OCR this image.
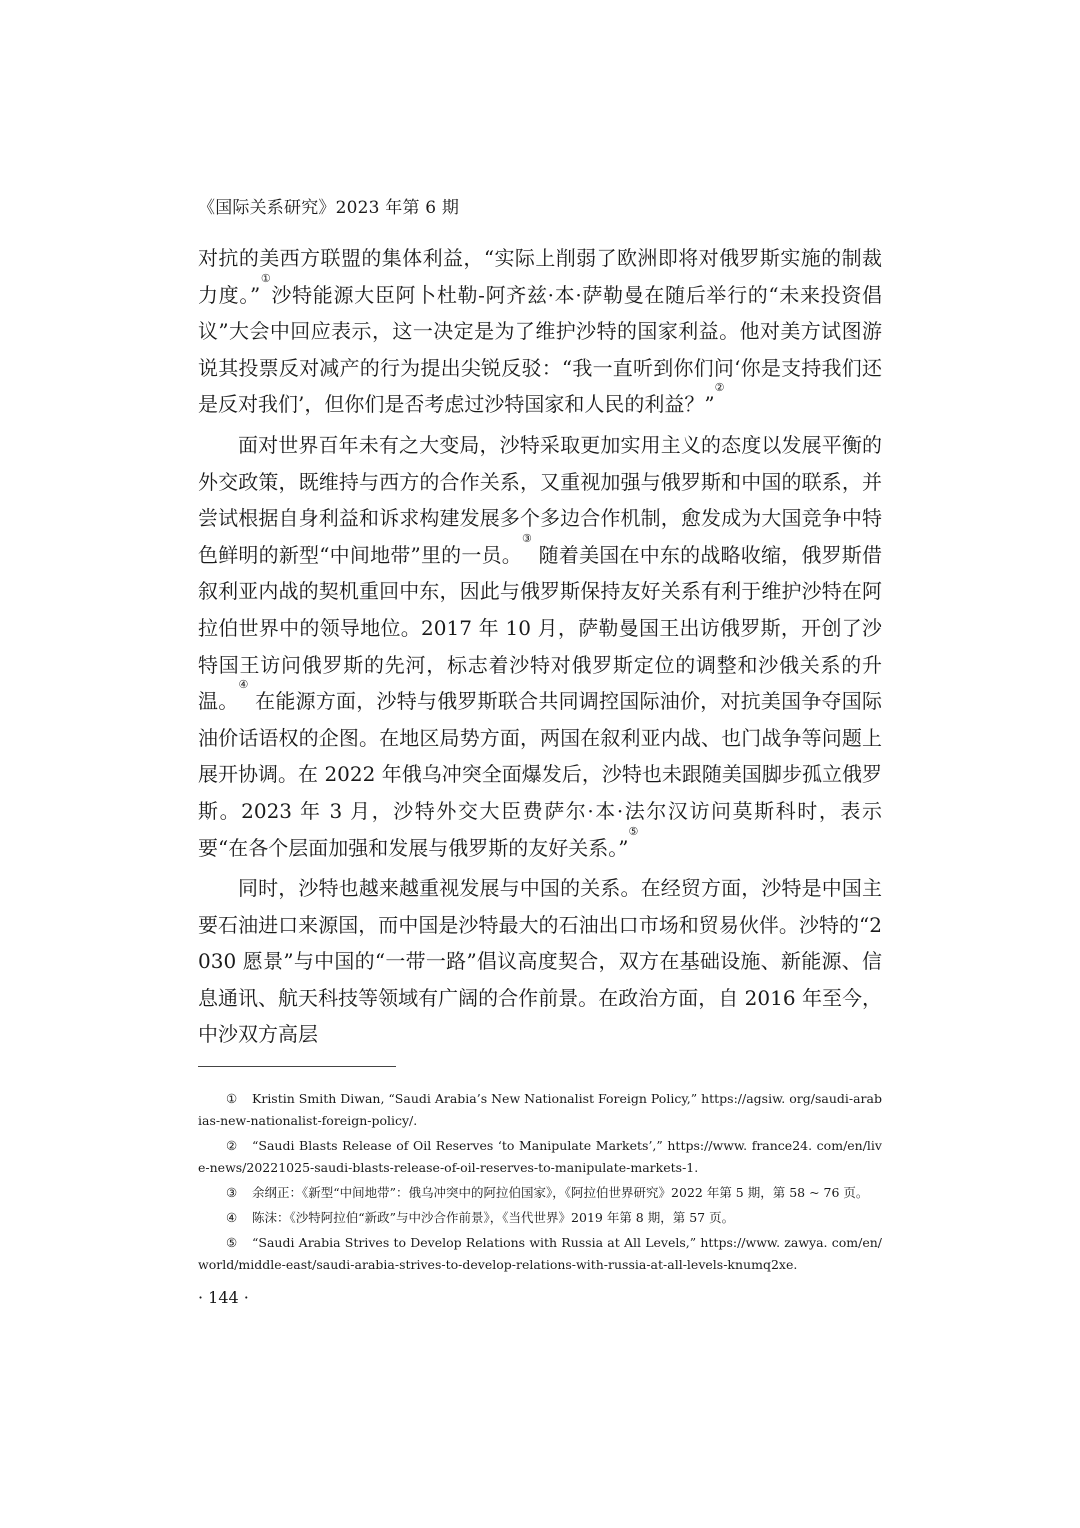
《国际关系研究》2023 年第 6 期

对抗的美西方联盟的集体利益，“实际上削弱了欧洲即将对俄罗斯实施的制裁力度。”①沙特能源大臣阿卜杜勒-阿齐兹·本·萨勒曼在随后举行的“未来投资倡议”大会中回应表示，这一决定是为了维护沙特的国家利益。他对美方试图游说其投票反对减产的行为提出尖锐反驳：“我一直听到你们问‘你是支持我们还是反对我们’，但你们是否考虑过沙特国家和人民的利益？”②

面对世界百年未有之大变局，沙特采取更加实用主义的态度以发展平衡的外交政策，既维持与西方的合作关系，又重视加强与俄罗斯和中国的联系，并尝试根据自身利益和诉求构建发展多个多边合作机制，愈发成为大国竞争中特色鲜明的新型“中间地带”里的一员。③ 随着美国在中东的战略收缩，俄罗斯借叙利亚内战的契机重回中东，因此与俄罗斯保持友好关系有利于维护沙特在阿拉伯世界中的领导地位。2017 年 10 月，萨勒曼国王出访俄罗斯，开创了沙特国王访问俄罗斯的先河，标志着沙特对俄罗斯定位的调整和沙俄关系的升温。④ 在能源方面，沙特与俄罗斯联合共同调控国际油价，对抗美国争夺国际油价话语权的企图。在地区局势方面，两国在叙利亚内战、也门战争等问题上展开协调。在 2022 年俄乌冲突全面爆发后，沙特也未跟随美国脚步孤立俄罗斯。2023 年 3 月，沙特外交大臣费萨尔·本·法尔汉访问莫斯科时，表示要“在各个层面加强和发展与俄罗斯的友好关系。”⑤

同时，沙特也越来越重视发展与中国的关系。在经贸方面，沙特是中国主要石油进口来源国，而中国是沙特最大的石油出口市场和贸易伙伴。沙特的“2030 愿景”与中国的“一带一路”倡议高度契合，双方在基础设施、新能源、信息通讯、航天科技等领域有广阔的合作前景。在政治方面，自 2016 年至今，中沙双方高层

① Kristin Smith Diwan, “Saudi Arabia’s New Nationalist Foreign Policy,” https://agsiw. org/saudi-arabias-new-nationalist-foreign-policy/.

② “Saudi Blasts Release of Oil Reserves ‘to Manipulate Markets’,” https://www. france24. com/en/live-news/20221025-saudi-blasts-release-of-oil-reserves-to-manipulate-markets-1.

③ 余纲正：《新型“中间地带”：俄乌冲突中的阿拉伯国家》，《阿拉伯世界研究》2022 年第 5 期，第 58 ~ 76 页。

④ 陈沫：《沙特阿拉伯“新政”与中沙合作前景》，《当代世界》2019 年第 8 期，第 57 页。

⑤ “Saudi Arabia Strives to Develop Relations with Russia at All Levels,” https://www. zawya. com/en/world/middle-east/saudi-arabia-strives-to-develop-relations-with-russia-at-all-levels-knumq2xe.

· 144 ·
